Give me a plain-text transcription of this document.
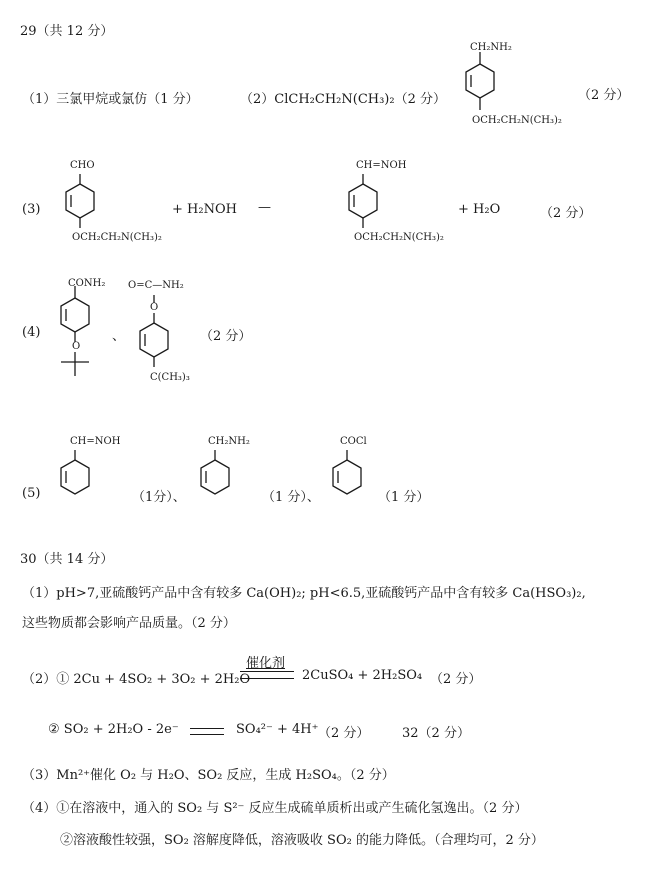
29（共 12 分）
（1）三氯甲烷或氯仿（1 分）	（2）ClCH₂CH₂N(CH₃)₂（2 分）
CH₂NH₂
OCH₂CH₂N(CH₃)₂
（2 分）
(3)
CHO
OCH₂CH₂N(CH₃)₂
+ H₂NOH —
CH=NOH
OCH₂CH₂N(CH₃)₂
+ H₂O	（2 分）
(4)
CONH₂
O
、
O=C—NH₂
O
C(CH₃)₃
（2 分）
(5)
CH=NOH
（1分）、
CH₂NH₂
（1 分）、
COCl
（1 分）
30（共 14 分）
（1）pH>7,亚硫酸钙产品中含有较多 Ca(OH)₂; pH<6.5,亚硫酸钙产品中含有较多 Ca(HSO₃)₂,
这些物质都会影响产品质量。（2 分）
（2）① 2Cu + 4SO₂ + 3O₂ + 2H₂O
催化剂
2CuSO₄ + 2H₂SO₄ （2 分）
② SO₂ + 2H₂O - 2e⁻	SO₄²⁻ + 4H⁺ （2 分）	32（2 分）
（3）Mn²⁺催化 O₂ 与 H₂O、SO₂ 反应，生成 H₂SO₄。（2 分）
（4）①在溶液中，通入的 SO₂ 与 S²⁻ 反应生成硫单质析出或产生硫化氢逸出。（2 分）
②溶液酸性较强，SO₂ 溶解度降低，溶液吸收 SO₂ 的能力降低。（合理均可，2 分）
